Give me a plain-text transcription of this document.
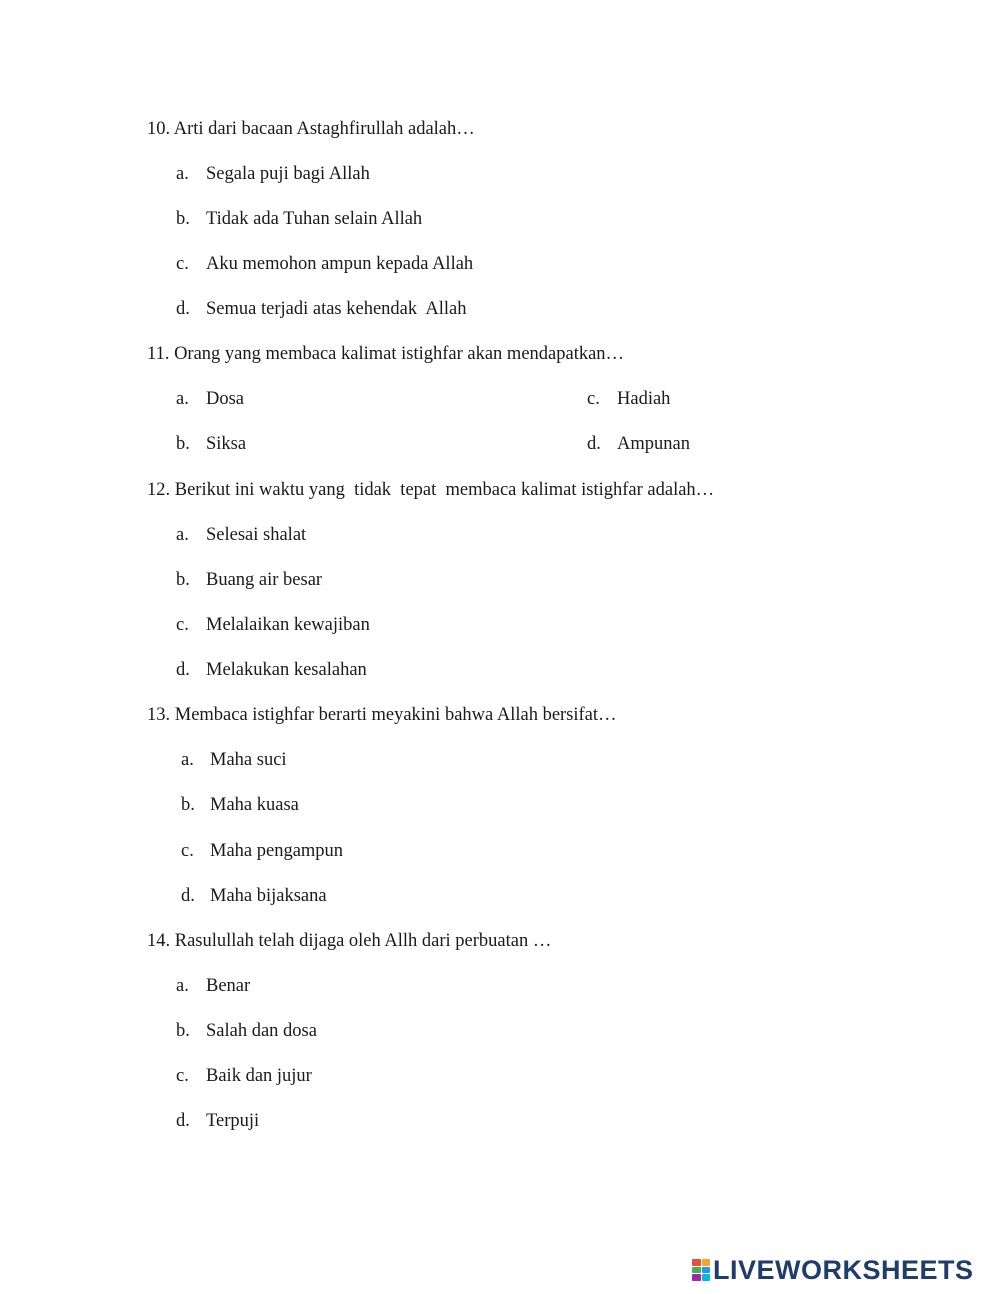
10. Arti dari bacaan Astaghfirullah adalah…
a. Segala puji bagi Allah
b. Tidak ada Tuhan selain Allah
c. Aku memohon ampun kepada Allah
d. Semua terjadi atas kehendak  Allah
11. Orang yang membaca kalimat istighfar akan mendapatkan…
a. Dosa
b. Siksa
c. Hadiah
d. Ampunan
12. Berikut ini waktu yang  tidak  tepat  membaca kalimat istighfar adalah…
a. Selesai shalat
b. Buang air besar
c. Melalaikan kewajiban
d. Melakukan kesalahan
13. Membaca istighfar berarti meyakini bahwa Allah bersifat…
a. Maha suci
b. Maha kuasa
c. Maha pengampun
d. Maha bijaksana
14. Rasulullah telah dijaga oleh Allh dari perbuatan …
a. Benar
b. Salah dan dosa
c. Baik dan jujur
d. Terpuji
LIVEWORKSHEETS
